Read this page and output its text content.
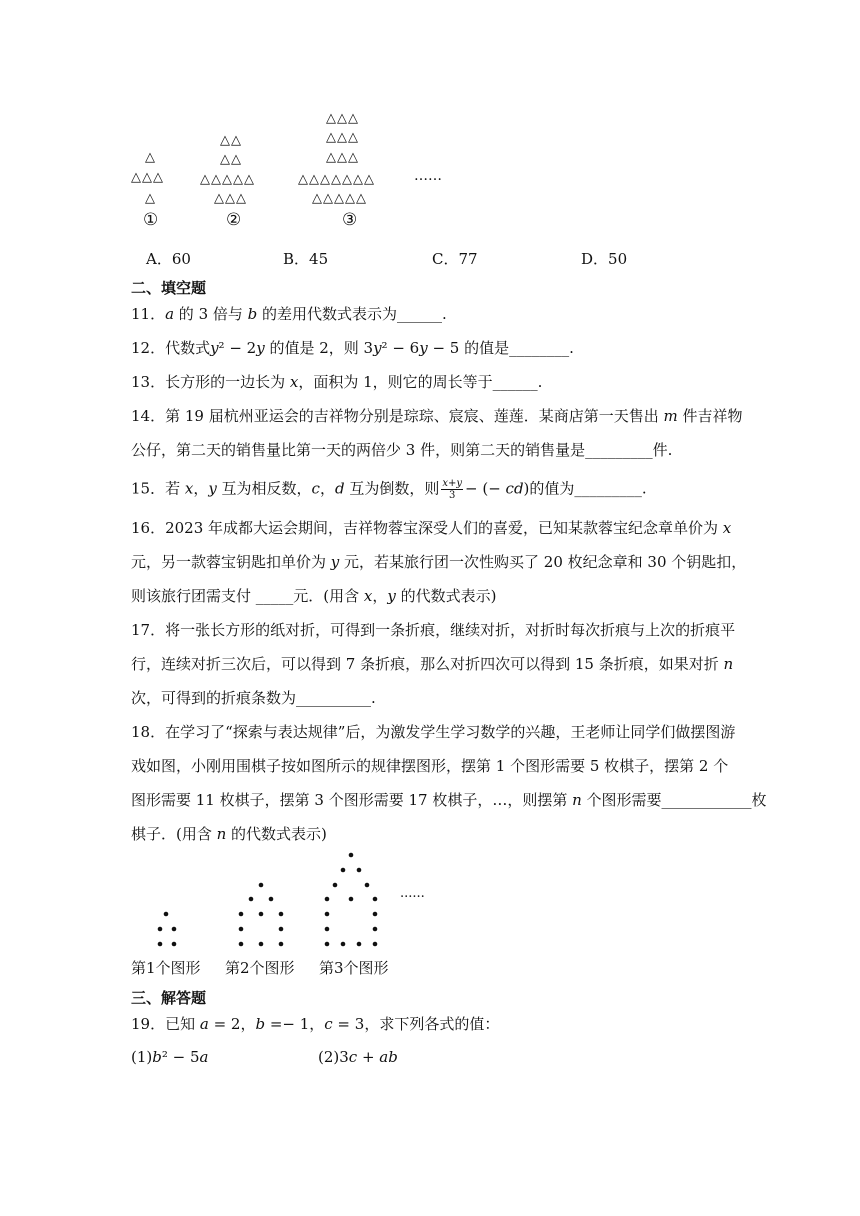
△
△△△
△
①
△△
△△
△△△△△
△△△
②
△△△
△△△
△△△
△△△△△△△
△△△△△
③
……
A．60	B．45	C．77	D．50
二、填空题
11．𝑎 的 3 倍与 𝑏 的差用代数式表示为______.
12．代数式𝑦² − 2𝑦 的值是 2，则 3𝑦² − 6𝑦 − 5 的值是________.
13．长方形的一边长为 𝑥，面积为 1，则它的周长等于______.
14．第 19 届杭州亚运会的吉祥物分别是琮琮、宸宸、莲莲．某商店第一天售出 𝑚 件吉祥物
公仔，第二天的销售量比第一天的两倍少 3 件，则第二天的销售量是_________件.
15．若 𝑥，𝑦 互为相反数，𝑐，𝑑 互为倒数，则 𝑥+𝑦
3 − (− 𝑐𝑑)的值为_________.
16．2023 年成都大运会期间，吉祥物蓉宝深受人们的喜爱，已知某款蓉宝纪念章单价为 𝑥
元，另一款蓉宝钥匙扣单价为 𝑦 元，若某旅行团一次性购买了 20 枚纪念章和 30 个钥匙扣，
则该旅行团需支付 _____元．(用含 𝑥，𝑦 的代数式表示)
17．将一张长方形的纸对折，可得到一条折痕，继续对折，对折时每次折痕与上次的折痕平
行，连续对折三次后，可以得到 7 条折痕，那么对折四次可以得到 15 条折痕，如果对折 𝑛
次，可得到的折痕条数为__________.
18．在学习了“探索与表达规律”后，为激发学生学习数学的兴趣，王老师让同学们做摆图游
戏如图，小刚用围棋子按如图所示的规律摆图形，摆第 1 个图形需要 5 枚棋子，摆第 2 个
图形需要 11 枚棋子，摆第 3 个图形需要 17 枚棋子，…，则摆第 𝑛 个图形需要____________枚
棋子．(用含 𝑛 的代数式表示)
......
第1个图形 第2个图形 第3个图形
三、解答题
19．已知 𝑎 = 2，𝑏 =− 1，𝑐 = 3，求下列各式的值：
(1)𝑏² − 5𝑎	(2)3𝑐 + 𝑎𝑏
